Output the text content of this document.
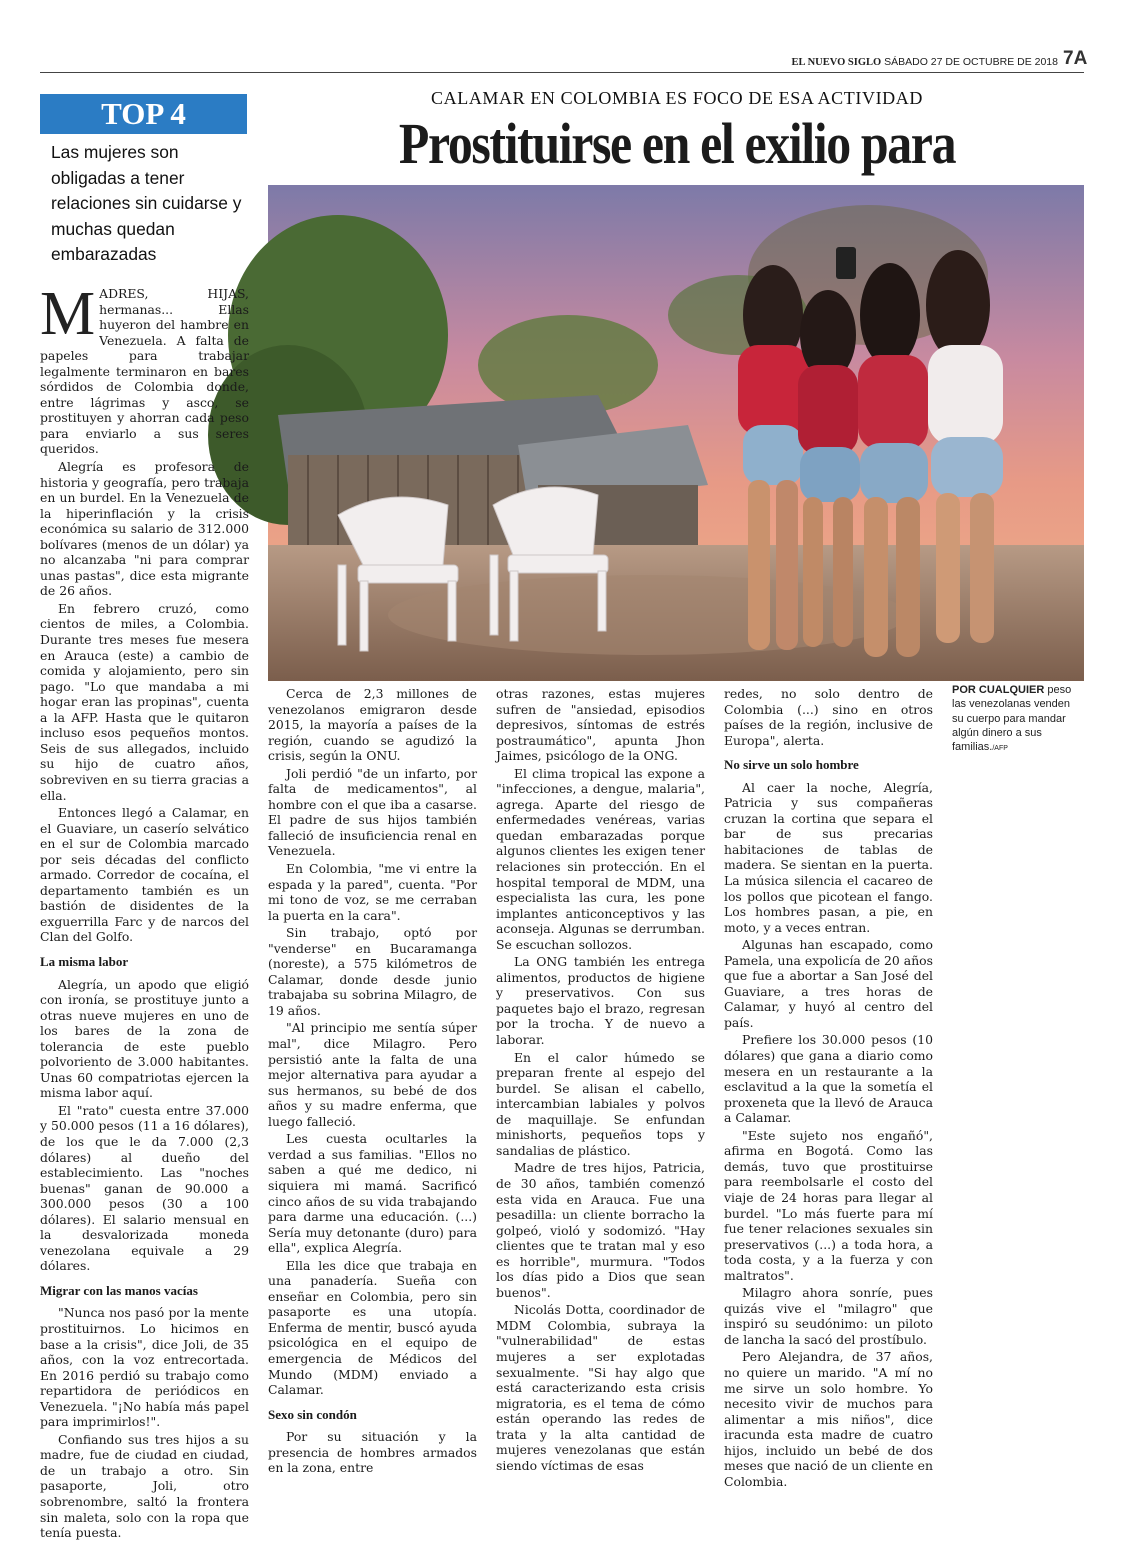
EL NUEVO SIGLO SÁBADO 27 DE OCTUBRE DE 2018 7A
TOP 4
Las mujeres son obligadas a tener relaciones sin cuidarse y muchas quedan embarazadas
CALAMAR EN COLOMBIA ES FOCO DE ESA ACTIVIDAD
Prostituirse en el exilio para
POR CUALQUIER peso las venezolanas venden su cuerpo para mandar algún dinero a sus familias./AFP

MADRES, HIJAS, hermanas... Ellas huyeron del hambre en Venezuela. A falta de papeles para trabajar legalmente terminaron en bares sórdidos de Colombia donde, entre lágrimas y asco, se prostituyen y ahorran cada peso para enviarlo a sus seres queridos.

Alegría es profesora de historia y geografía, pero trabaja en un burdel. En la Venezuela de la hiperinflación y la crisis económica su salario de 312.000 bolívares (menos de un dólar) ya no alcanzaba "ni para comprar unas pastas", dice esta migrante de 26 años.

En febrero cruzó, como cientos de miles, a Colombia. Durante tres meses fue mesera en Arauca (este) a cambio de comida y alojamiento, pero sin pago. "Lo que mandaba a mi hogar eran las propinas", cuenta a la AFP. Hasta que le quitaron incluso esos pequeños montos. Seis de sus allegados, incluido su hijo de cuatro años, sobreviven en su tierra gracias a ella.

Entonces llegó a Calamar, en el Guaviare, un caserío selvático en el sur de Colombia marcado por seis décadas del conflicto armado. Corredor de cocaína, el departamento también es un bastión de disidentes de la exguerrilla Farc y de narcos del Clan del Golfo.

La misma labor

Alegría, un apodo que eligió con ironía, se prostituye junto a otras nueve mujeres en uno de los bares de la zona de tolerancia de este pueblo polvoriento de 3.000 habitantes. Unas 60 compatriotas ejercen la misma labor aquí.

El "rato" cuesta entre 37.000 y 50.000 pesos (11 a 16 dólares), de los que le da 7.000 (2,3 dólares) al dueño del establecimiento. Las "noches buenas" ganan de 90.000 a 300.000 pesos (30 a 100 dólares). El salario mensual en la desvalorizada moneda venezolana equivale a 29 dólares.

Migrar con las manos vacías

"Nunca nos pasó por la mente prostituirnos. Lo hicimos en base a la crisis", dice Joli, de 35 años, con la voz entrecortada. En 2016 perdió su trabajo como repartidora de periódicos en Venezuela. "¡No había más papel para imprimirlos!".

Confiando sus tres hijos a su madre, fue de ciudad en ciudad, de un trabajo a otro. Sin pasaporte, Joli, otro sobrenombre, saltó la frontera sin maleta, solo con la ropa que tenía puesta.

Cerca de 2,3 millones de venezolanos emigraron desde 2015, la mayoría a países de la región, cuando se agudizó la crisis, según la ONU.

Joli perdió "de un infarto, por falta de medicamentos", al hombre con el que iba a casarse. El padre de sus hijos también falleció de insuficiencia renal en Venezuela.

En Colombia, "me vi entre la espada y la pared", cuenta. "Por mi tono de voz, se me cerraban la puerta en la cara".

Sin trabajo, optó por "venderse" en Bucaramanga (noreste), a 575 kilómetros de Calamar, donde desde junio trabajaba su sobrina Milagro, de 19 años.

"Al principio me sentía súper mal", dice Milagro. Pero persistió ante la falta de una mejor alternativa para ayudar a sus hermanos, su bebé de dos años y su madre enferma, que luego falleció.

Les cuesta ocultarles la verdad a sus familias. "Ellos no saben a qué me dedico, ni siquiera mi mamá. Sacrificó cinco años de su vida trabajando para darme una educación. (...) Sería muy detonante (duro) para ella", explica Alegría.

Ella les dice que trabaja en una panadería. Sueña con enseñar en Colombia, pero sin pasaporte es una utopía. Enferma de mentir, buscó ayuda psicológica en el equipo de emergencia de Médicos del Mundo (MDM) enviado a Calamar.

Sexo sin condón

Por su situación y la presencia de hombres armados en la zona, entre

otras razones, estas mujeres sufren de "ansiedad, episodios depresivos, síntomas de estrés postraumático", apunta Jhon Jaimes, psicólogo de la ONG.

El clima tropical las expone a "infecciones, a dengue, malaria", agrega. Aparte del riesgo de enfermedades venéreas, varias quedan embarazadas porque algunos clientes les exigen tener relaciones sin protección. En el hospital temporal de MDM, una especialista las cura, les pone implantes anticonceptivos y las aconseja. Algunas se derrumban. Se escuchan sollozos.

La ONG también les entrega alimentos, productos de higiene y preservativos. Con sus paquetes bajo el brazo, regresan por la trocha. Y de nuevo a laborar.

En el calor húmedo se preparan frente al espejo del burdel. Se alisan el cabello, intercambian labiales y polvos de maquillaje. Se enfundan minishorts, pequeños tops y sandalias de plástico.

Madre de tres hijos, Patricia, de 30 años, también comenzó esta vida en Arauca. Fue una pesadilla: un cliente borracho la golpeó, violó y sodomizó. "Hay clientes que te tratan mal y eso es horrible", murmura. "Todos los días pido a Dios que sean buenos".

Nicolás Dotta, coordinador de MDM Colombia, subraya la "vulnerabilidad" de estas mujeres a ser explotadas sexualmente. "Si hay algo que está caracterizando esta crisis migratoria, es el tema de cómo están operando las redes de trata y la alta cantidad de mujeres venezolanas que están siendo víctimas de esas

redes, no solo dentro de Colombia (...) sino en otros países de la región, inclusive de Europa", alerta.

No sirve un solo hombre

Al caer la noche, Alegría, Patricia y sus compañeras cruzan la cortina que separa el bar de sus precarias habitaciones de tablas de madera. Se sientan en la puerta. La música silencia el cacareo de los pollos que picotean el fango. Los hombres pasan, a pie, en moto, y a veces entran.

Algunas han escapado, como Pamela, una expolicía de 20 años que fue a abortar a San José del Guaviare, a tres horas de Calamar, y huyó al centro del país.

Prefiere los 30.000 pesos (10 dólares) que gana a diario como mesera en un restaurante a la esclavitud a la que la sometía el proxeneta que la llevó de Arauca a Calamar.

"Este sujeto nos engañó", afirma en Bogotá. Como las demás, tuvo que prostituirse para reembolsarle el costo del viaje de 24 horas para llegar al burdel. "Lo más fuerte para mí fue tener relaciones sexuales sin preservativos (...) a toda hora, a toda costa, y a la fuerza y con maltratos".

Milagro ahora sonríe, pues quizás vive el "milagro" que inspiró su seudónimo: un piloto de lancha la sacó del prostíbulo.

Pero Alejandra, de 37 años, no quiere un marido. "A mí no me sirve un solo hombre. Yo necesito vivir de muchos para alimentar a mis niños", dice iracunda esta madre de cuatro hijos, incluido un bebé de dos meses que nació de un cliente en Colombia.
